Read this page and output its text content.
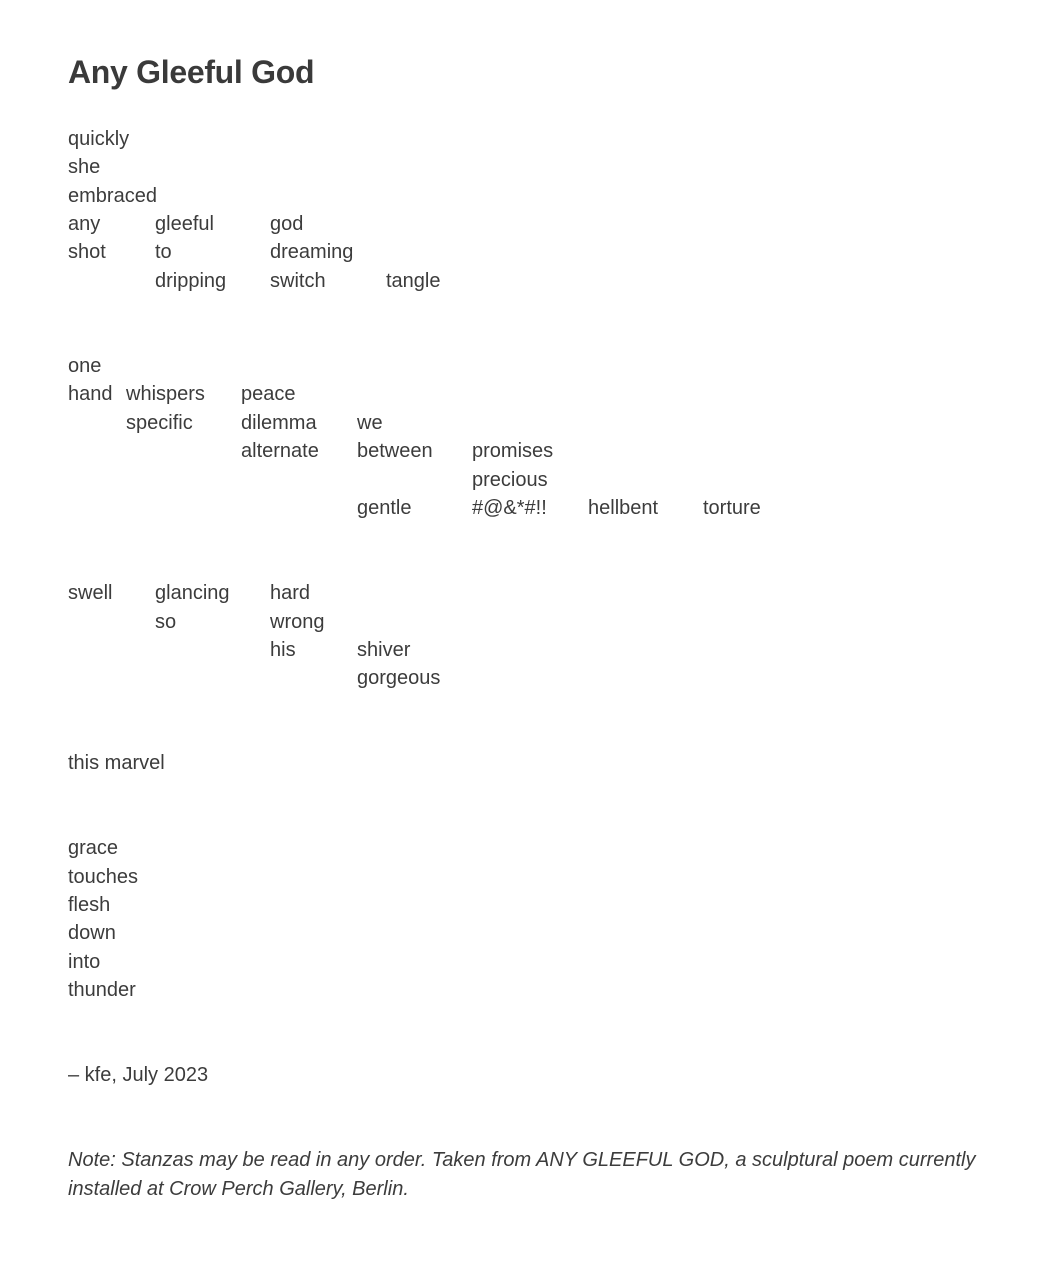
Any Gleeful God
quickly
she
embraced
any	gleeful	god
shot to	dreaming
dripping switch	tangle
one
hand whispers peace
specific dilemma we
alternate between promises
precious
gentle	#@&*#!! hellbent torture
swell glancing hard
so	wrong
his	shiver
gorgeous
this marvel
grace
touches
flesh
down
into
thunder
– kfe, July 2023

Note: Stanzas may be read in any order. Taken from ANY GLEEFUL GOD, a sculptural poem currently installed at Crow Perch Gallery, Berlin.
